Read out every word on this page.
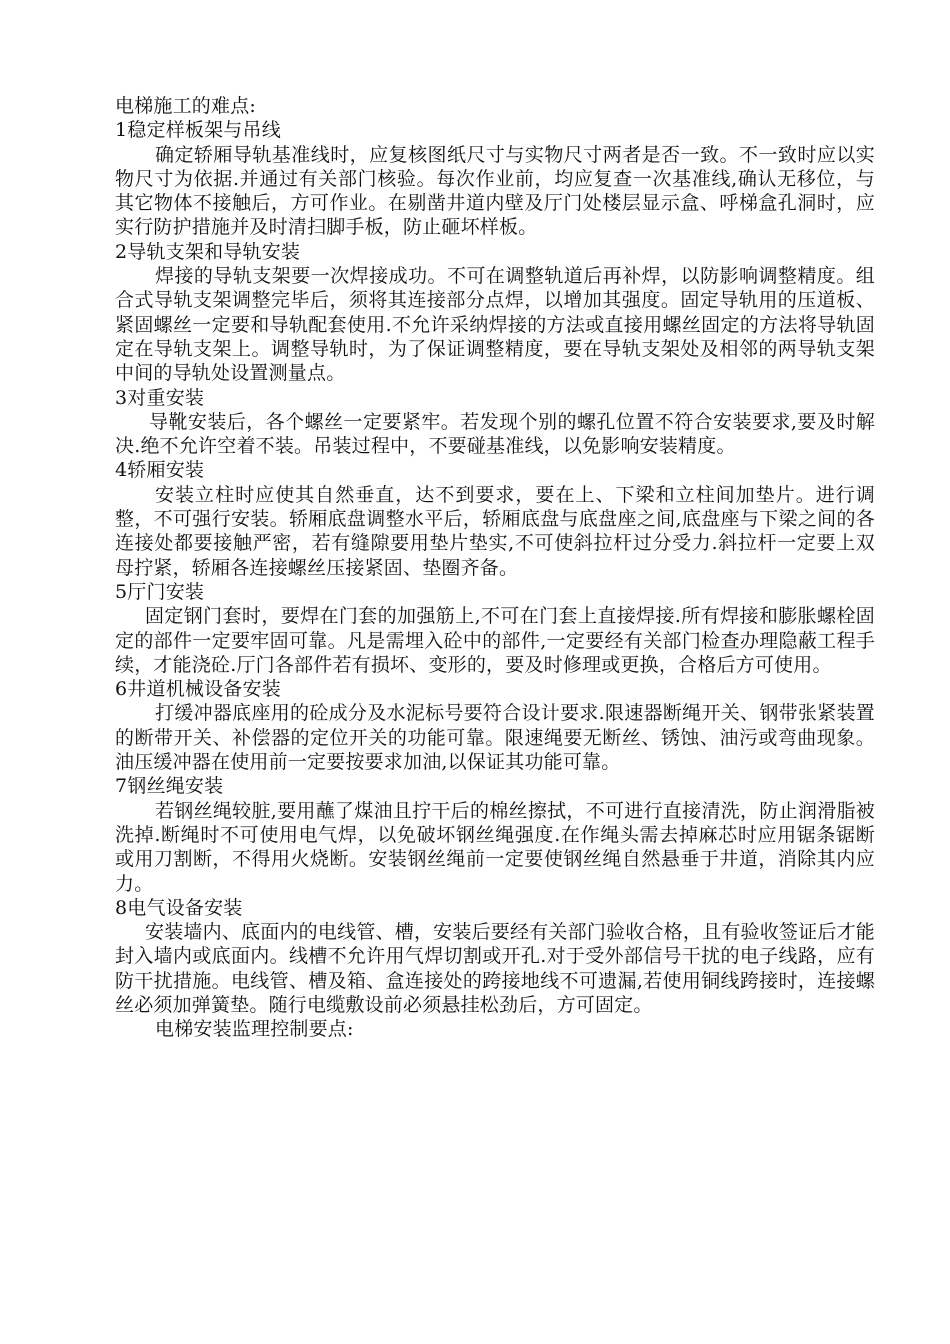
电梯施工的难点:

1稳定样板架与吊线

确定轿厢导轨基准线时，应复核图纸尺寸与实物尺寸两者是否一致。不一致时应以实物尺寸为依据.并通过有关部门核验。每次作业前，均应复查一次基准线,确认无移位，与其它物体不接触后，方可作业。在剔凿井道内壁及厅门处楼层显示盒、呼梯盒孔洞时，应实行防护措施并及时清扫脚手板，防止砸坏样板。

2导轨支架和导轨安装

焊接的导轨支架要一次焊接成功。不可在调整轨道后再补焊，以防影响调整精度。组合式导轨支架调整完毕后，须将其连接部分点焊，以增加其强度。固定导轨用的压道板、紧固螺丝一定要和导轨配套使用.不允许采纳焊接的方法或直接用螺丝固定的方法将导轨固定在导轨支架上。调整导轨时，为了保证调整精度，要在导轨支架处及相邻的两导轨支架中间的导轨处设置测量点。

3对重安装

导靴安装后，各个螺丝一定要紧牢。若发现个别的螺孔位置不符合安装要求,要及时解决.绝不允许空着不装。吊装过程中，不要碰基准线，以免影响安装精度。

4轿厢安装

安装立柱时应使其自然垂直，达不到要求，要在上、下梁和立柱间加垫片。进行调整，不可强行安装。轿厢底盘调整水平后，轿厢底盘与底盘座之间,底盘座与下梁之间的各连接处都要接触严密，若有缝隙要用垫片垫实,不可使斜拉杆过分受力.斜拉杆一定要上双母拧紧，轿厢各连接螺丝压接紧固、垫圈齐备。

5厅门安装

固定钢门套时，要焊在门套的加强筋上,不可在门套上直接焊接.所有焊接和膨胀螺栓固定的部件一定要牢固可靠。凡是需埋入砼中的部件,一定要经有关部门检查办理隐蔽工程手续，才能浇砼.厅门各部件若有损坏、变形的，要及时修理或更换，合格后方可使用。

6井道机械设备安装

打缓冲器底座用的砼成分及水泥标号要符合设计要求.限速器断绳开关、钢带张紧装置的断带开关、补偿器的定位开关的功能可靠。限速绳要无断丝、锈蚀、油污或弯曲现象。油压缓冲器在使用前一定要按要求加油,以保证其功能可靠。

7钢丝绳安装

若钢丝绳较脏,要用蘸了煤油且拧干后的棉丝擦拭，不可进行直接清洗，防止润滑脂被洗掉.断绳时不可使用电气焊，以免破坏钢丝绳强度.在作绳头需去掉麻芯时应用锯条锯断或用刀割断，不得用火烧断。安装钢丝绳前一定要使钢丝绳自然悬垂于井道，消除其内应力。

8电气设备安装

安装墙内、底面内的电线管、槽，安装后要经有关部门验收合格，且有验收签证后才能封入墙内或底面内。线槽不允许用气焊切割或开孔.对于受外部信号干扰的电子线路，应有防干扰措施。电线管、槽及箱、盒连接处的跨接地线不可遗漏,若使用铜线跨接时，连接螺丝必须加弹簧垫。随行电缆敷设前必须悬挂松劲后，方可固定。

电梯安装监理控制要点:
